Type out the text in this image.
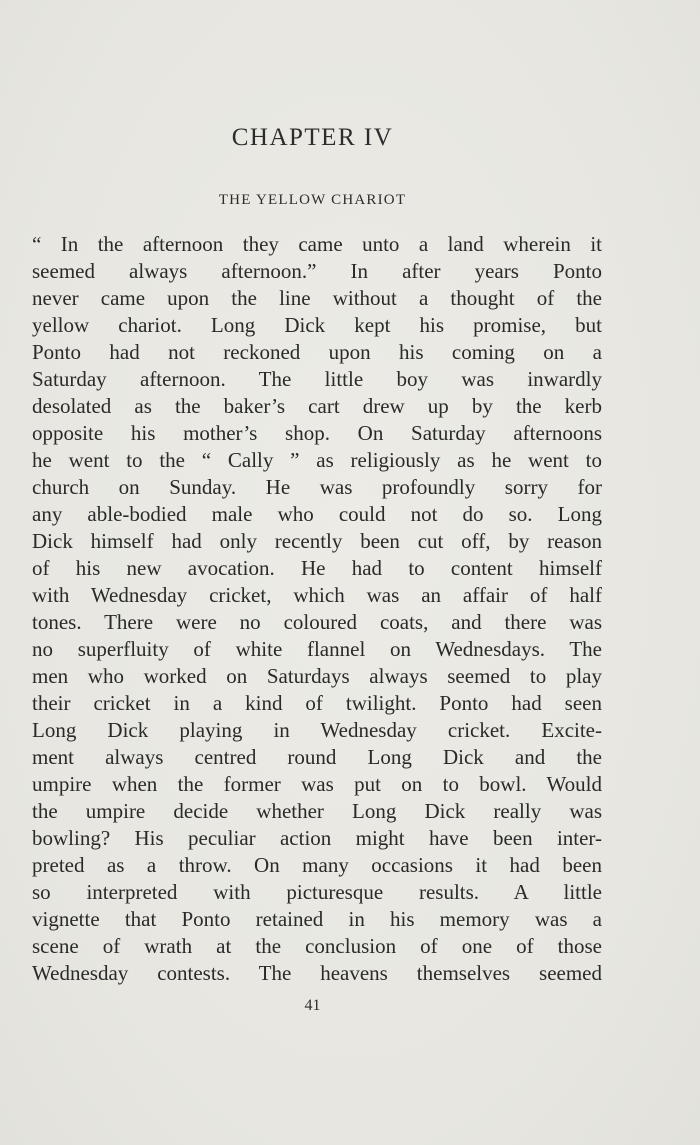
CHAPTER IV
THE YELLOW CHARIOT
“ In the afternoon they came unto a land wherein it
seemed always afternoon.” In after years Ponto
never came upon the line without a thought of the
yellow chariot. Long Dick kept his promise, but
Ponto had not reckoned upon his coming on a
Saturday afternoon. The little boy was inwardly
desolated as the baker’s cart drew up by the kerb
opposite his mother’s shop. On Saturday afternoons
he went to the “ Cally ” as religiously as he went to
church on Sunday. He was profoundly sorry for
any able-bodied male who could not do so. Long
Dick himself had only recently been cut off, by reason
of his new avocation. He had to content himself
with Wednesday cricket, which was an affair of half
tones. There were no coloured coats, and there was
no superfluity of white flannel on Wednesdays. The
men who worked on Saturdays always seemed to play
their cricket in a kind of twilight. Ponto had seen
Long Dick playing in Wednesday cricket. Excite-
ment always centred round Long Dick and the
umpire when the former was put on to bowl. Would
the umpire decide whether Long Dick really was
bowling? His peculiar action might have been inter-
preted as a throw. On many occasions it had been
so interpreted with picturesque results. A little
vignette that Ponto retained in his memory was a
scene of wrath at the conclusion of one of those
Wednesday contests. The heavens themselves seemed
41
